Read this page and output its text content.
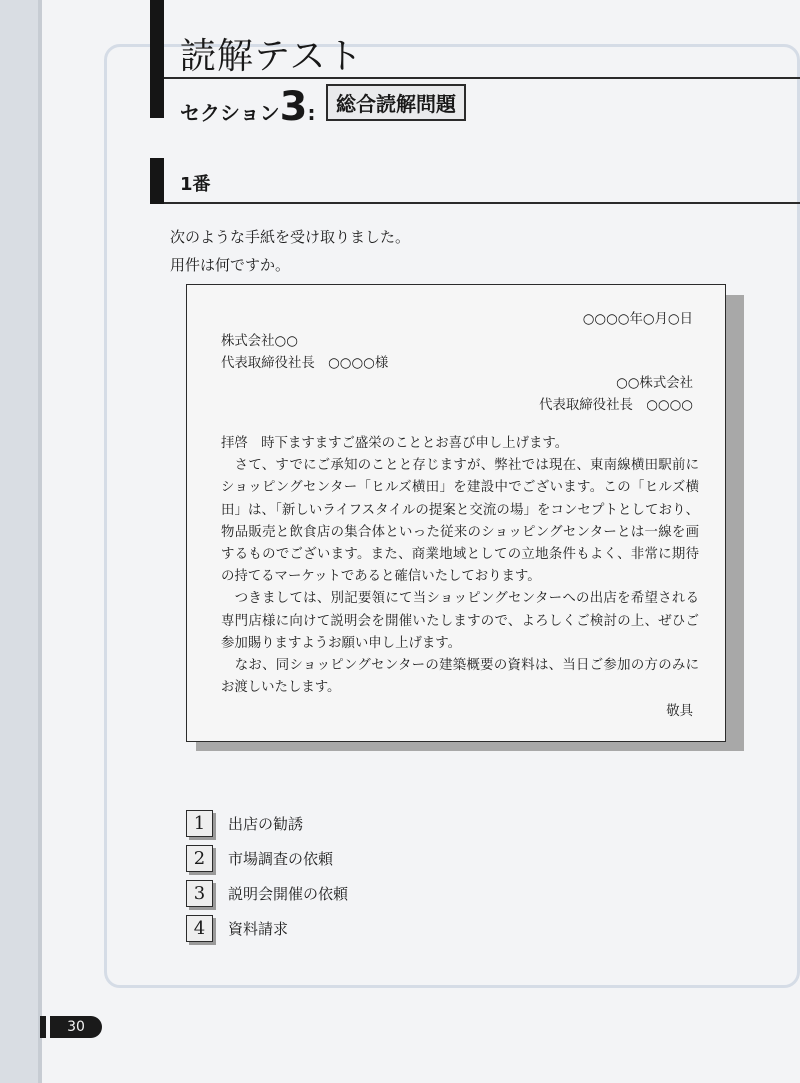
読解テスト
セクション3:	総合読解問題
1番
次のような手紙を受け取りました。
用件は何ですか。
○○○○年○月○日
株式会社○○
代表取締役社長　○○○○様
○○株式会社
代表取締役社長　○○○○
拝啓　時下ますますご盛栄のこととお喜び申し上げます。
　さて、すでにご承知のことと存じますが、弊社では現在、東南線横田駅前にショッピングセンター「ヒルズ横田」を建設中でございます。この「ヒルズ横田」は、「新しいライフスタイルの提案と交流の場」をコンセプトとしており、物品販売と飲食店の集合体といった従来のショッピングセンターとは一線を画するものでございます。また、商業地域としての立地条件もよく、非常に期待の持てるマーケットであると確信いたしております。
　つきましては、別記要領にて当ショッピングセンターへの出店を希望される専門店様に向けて説明会を開催いたしますので、よろしくご検討の上、ぜひご参加賜りますようお願い申し上げます。
　なお、同ショッピングセンターの建築概要の資料は、当日ご参加の方のみにお渡しいたします。
敬具
1	出店の勧誘
2	市場調査の依頼
3	説明会開催の依頼
4	資料請求
30
